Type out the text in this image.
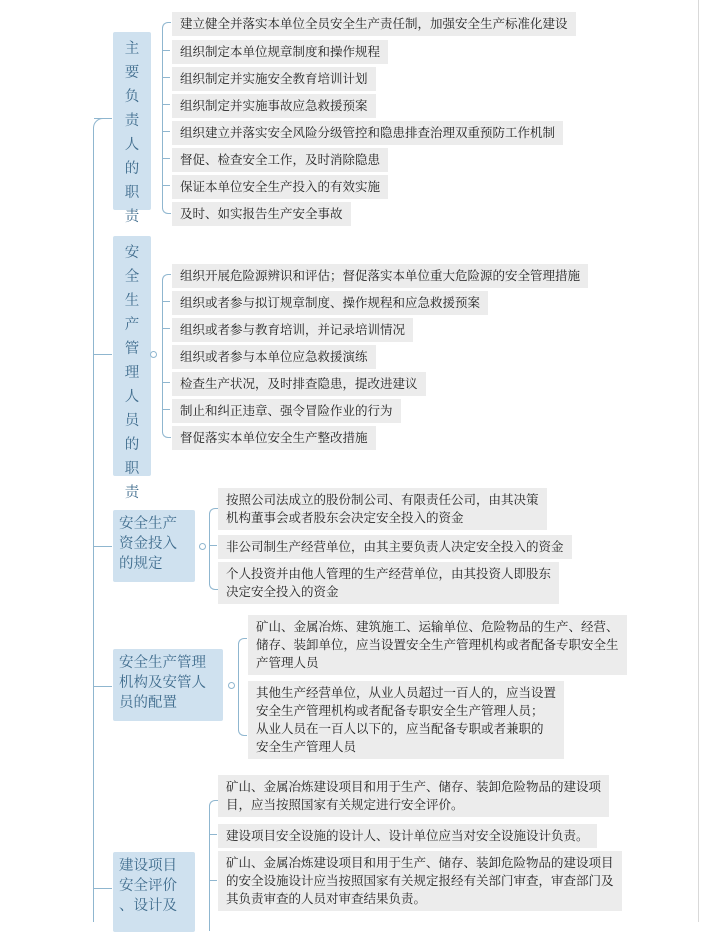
主
要
负
责
人
的
职
责
建立健全并落实本单位全员安全生产责任制，加强安全生产标准化建设
组织制定本单位规章制度和操作规程
组织制定并实施安全教育培训计划
组织制定并实施事故应急救援预案
组织建立并落实安全风险分级管控和隐患排查治理双重预防工作机制
督促、检查安全工作，及时消除隐患
保证本单位安全生产投入的有效实施
及时、如实报告生产安全事故
安
全
生
产
管
理
人
员
的
职
责
组织开展危险源辨识和评估；督促落实本单位重大危险源的安全管理措施
组织或者参与拟订规章制度、操作规程和应急救援预案
组织或者参与教育培训，并记录培训情况
组织或者参与本单位应急救援演练
检查生产状况，及时排查隐患，提改进建议
制止和纠正违章、强令冒险作业的行为
督促落实本单位安全生产整改措施
安全生产
资金投入
的规定
按照公司法成立的股份制公司、有限责任公司，由其决策
机构董事会或者股东会决定安全投入的资金
非公司制生产经营单位，由其主要负责人决定安全投入的资金
个人投资并由他人管理的生产经营单位，由其投资人即股东
决定安全投入的资金
安全生产管理
机构及安管人
员的配置
矿山、金属冶炼、建筑施工、运输单位、危险物品的生产、经营、
储存、装卸单位，应当设置安全生产管理机构或者配备专职安全生
产管理人员
其他生产经营单位，从业人员超过一百人的，应当设置
安全生产管理机构或者配备专职安全生产管理人员；
从业人员在一百人以下的，应当配备专职或者兼职的
安全生产管理人员
建设项目
安全评价
、设计及
矿山、金属冶炼建设项目和用于生产、储存、装卸危险物品的建设项
目，应当按照国家有关规定进行安全评价。
建设项目安全设施的设计人、设计单位应当对安全设施设计负责。
矿山、金属冶炼建设项目和用于生产、储存、装卸危险物品的建设项目
的安全设施设计应当按照国家有关规定报经有关部门审查，审查部门及
其负责审查的人员对审查结果负责。
